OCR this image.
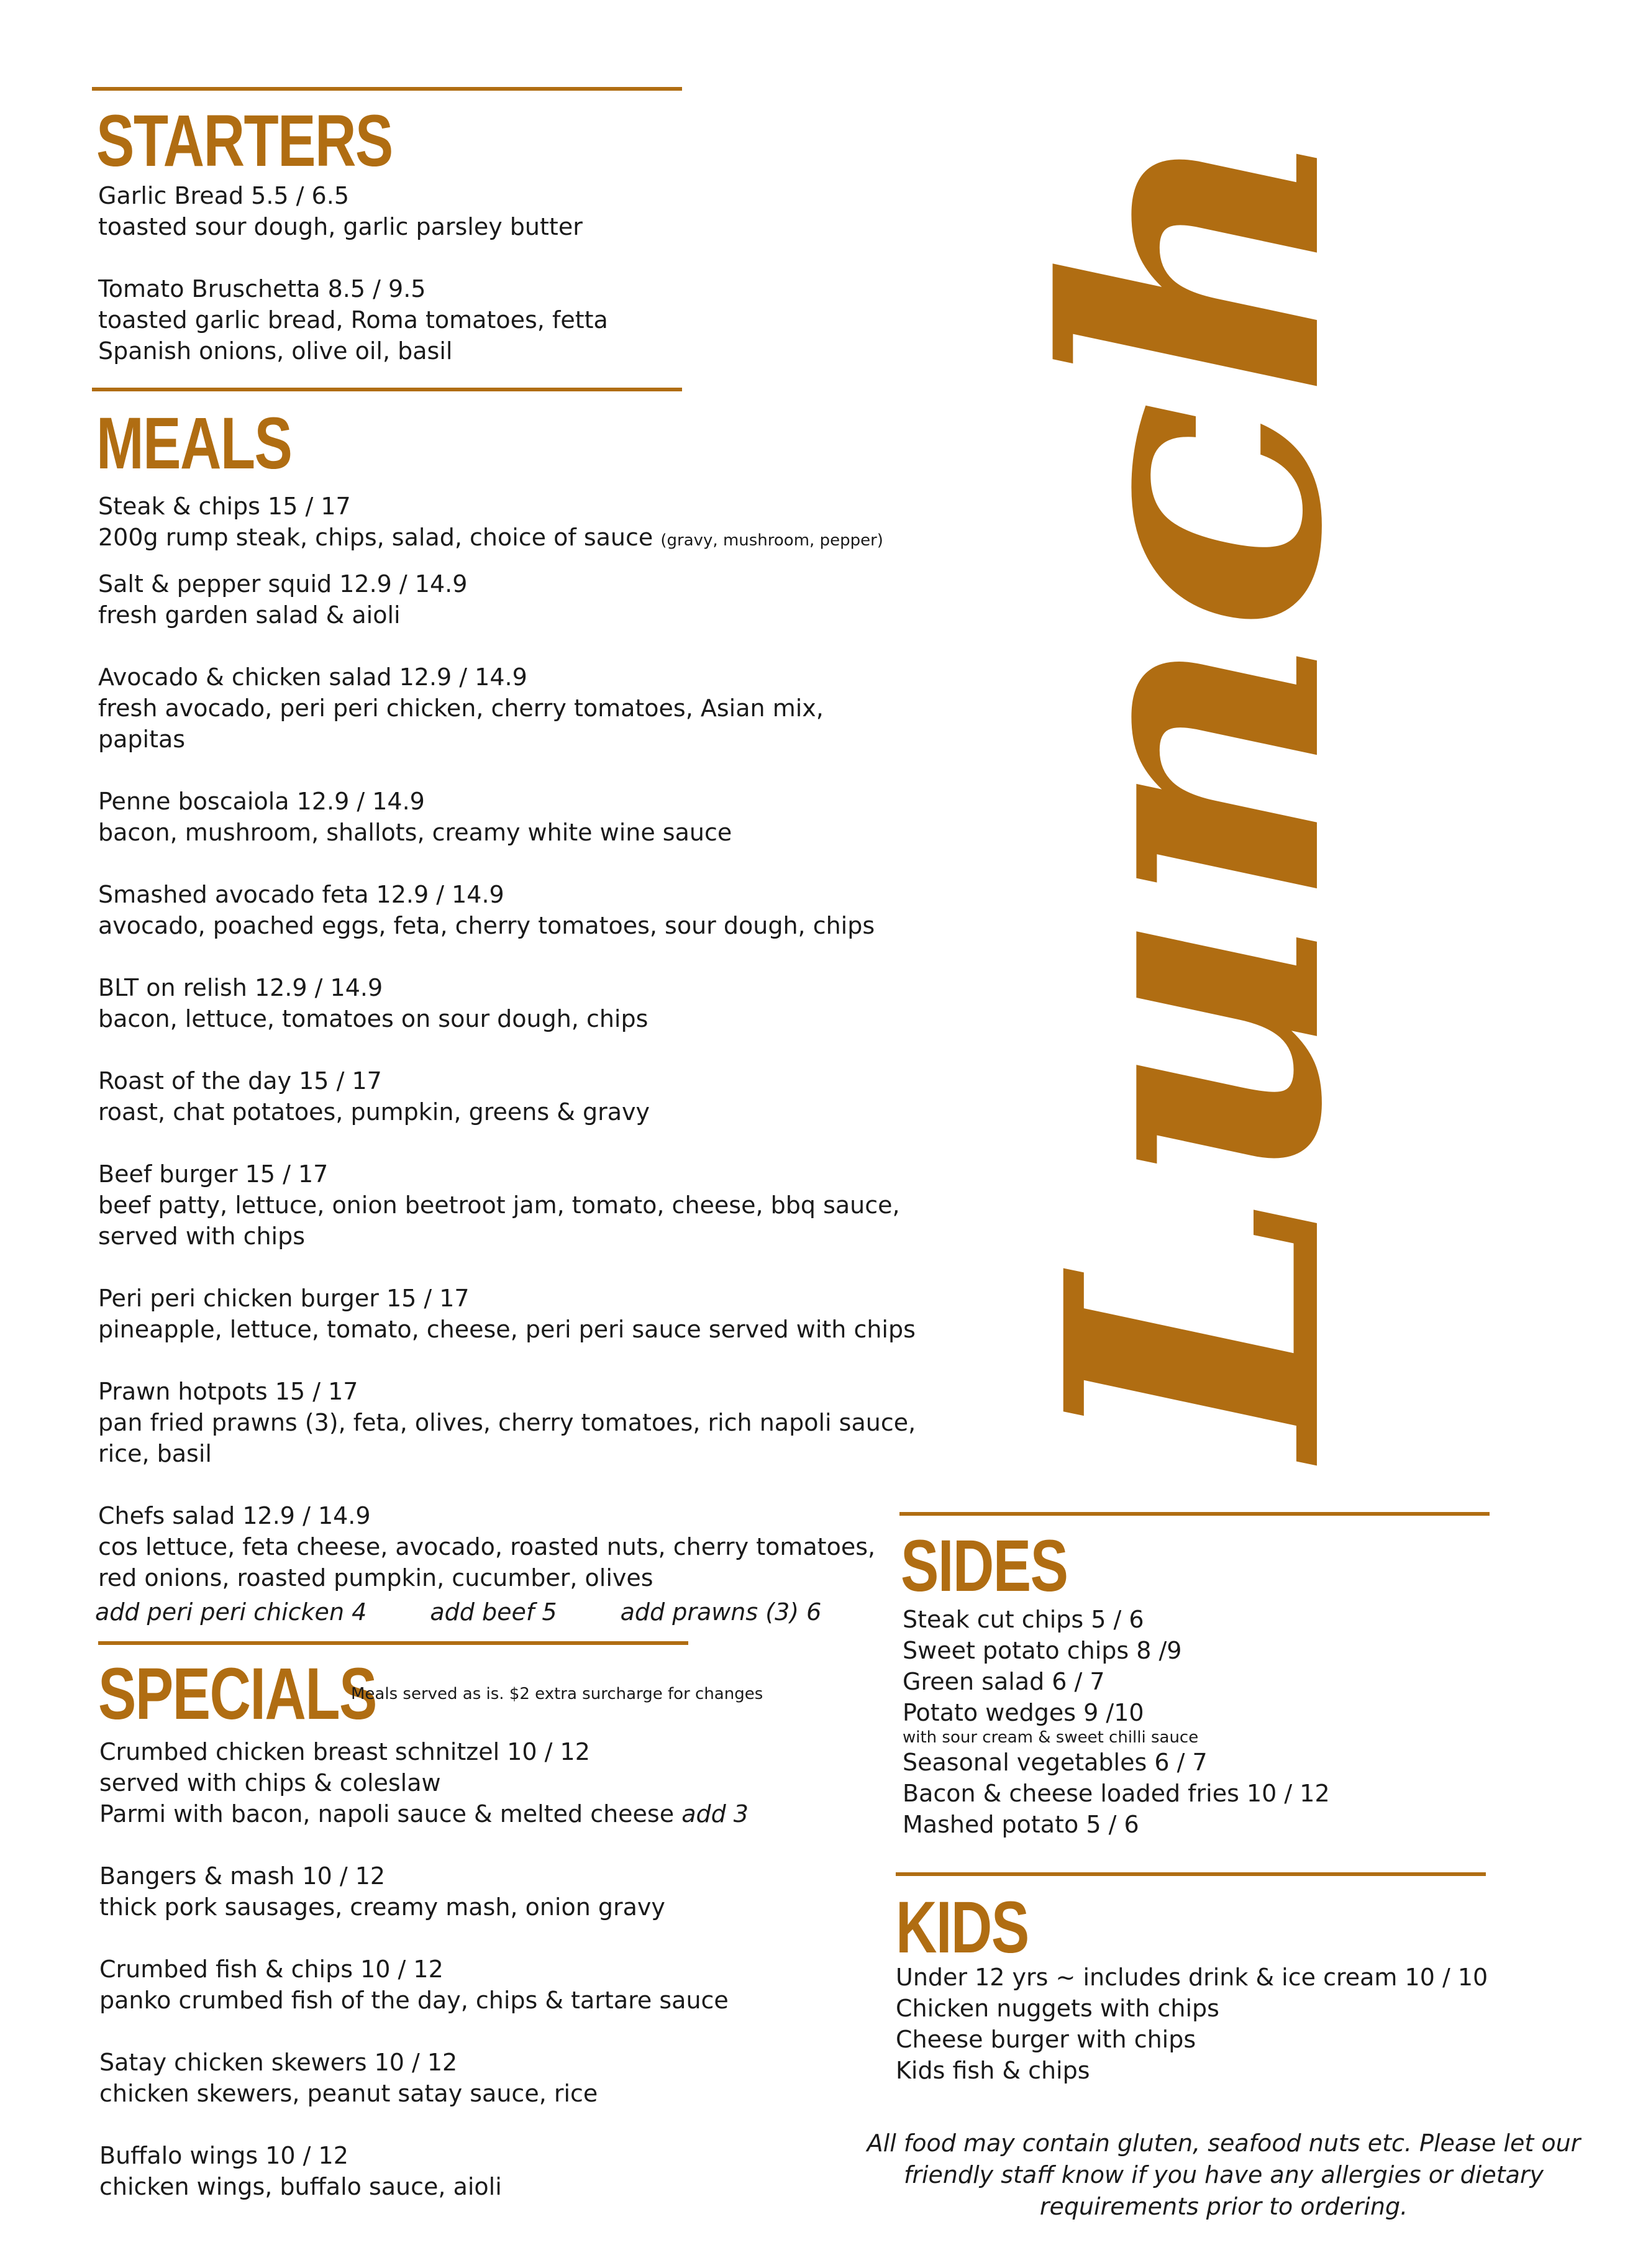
STARTERS
Garlic Bread 5.5 / 6.5
toasted sour dough, garlic parsley butter
Tomato Bruschetta 8.5 / 9.5
toasted garlic bread, Roma tomatoes, fetta
Spanish onions, olive oil, basil
MEALS
Steak & chips 15 / 17
200g rump steak, chips, salad, choice of sauce (gravy, mushroom, pepper)
Salt & pepper squid 12.9 / 14.9
fresh garden salad & aioli
Avocado & chicken salad 12.9 / 14.9
fresh avocado, peri peri chicken, cherry tomatoes, Asian mix,
papitas
Penne boscaiola 12.9 / 14.9
bacon, mushroom, shallots, creamy white wine sauce
Smashed avocado feta 12.9 / 14.9
avocado, poached eggs, feta, cherry tomatoes, sour dough, chips
BLT on relish 12.9 / 14.9
bacon, lettuce, tomatoes on sour dough, chips
Roast of the day 15 / 17
roast, chat potatoes, pumpkin, greens & gravy
Beef burger 15 / 17
beef patty, lettuce, onion beetroot jam, tomato, cheese, bbq sauce,
served with chips
Peri peri chicken burger 15 / 17
pineapple, lettuce, tomato, cheese, peri peri sauce served with chips
Prawn hotpots 15 / 17
pan fried prawns (3), feta, olives, cherry tomatoes, rich napoli sauce,
rice, basil
Chefs salad 12.9 / 14.9
cos lettuce, feta cheese, avocado, roasted nuts, cherry tomatoes,
red onions, roasted pumpkin, cucumber, olives
add peri peri chicken 4	add beef 5	add prawns (3) 6
SPECIALS
Meals served as is. $2 extra surcharge for changes
Crumbed chicken breast schnitzel 10 / 12
served with chips & coleslaw
Parmi with bacon, napoli sauce & melted cheese add 3
Bangers & mash 10 / 12
thick pork sausages, creamy mash, onion gravy
Crumbed fish & chips 10 / 12
panko crumbed fish of the day, chips & tartare sauce
Satay chicken skewers 10 / 12
chicken skewers, peanut satay sauce, rice
Buffalo wings 10 / 12
chicken wings, buffalo sauce, aioli
Lunch
SIDES

Steak cut chips 5 / 6

Sweet potato chips 8 /9

Green salad 6 / 7

Potato wedges 9 /10

with sour cream & sweet chilli sauce

Seasonal vegetables 6 / 7

Bacon & cheese loaded fries 10 / 12

Mashed potato 5 / 6

KIDS

Under 12 yrs ~ includes drink & ice cream 10 / 10

Chicken nuggets with chips

Cheese burger with chips

Kids fish & chips

All food may contain gluten, seafood nuts etc. Please let our

friendly staff know if you have any allergies or dietary

requirements prior to ordering.
